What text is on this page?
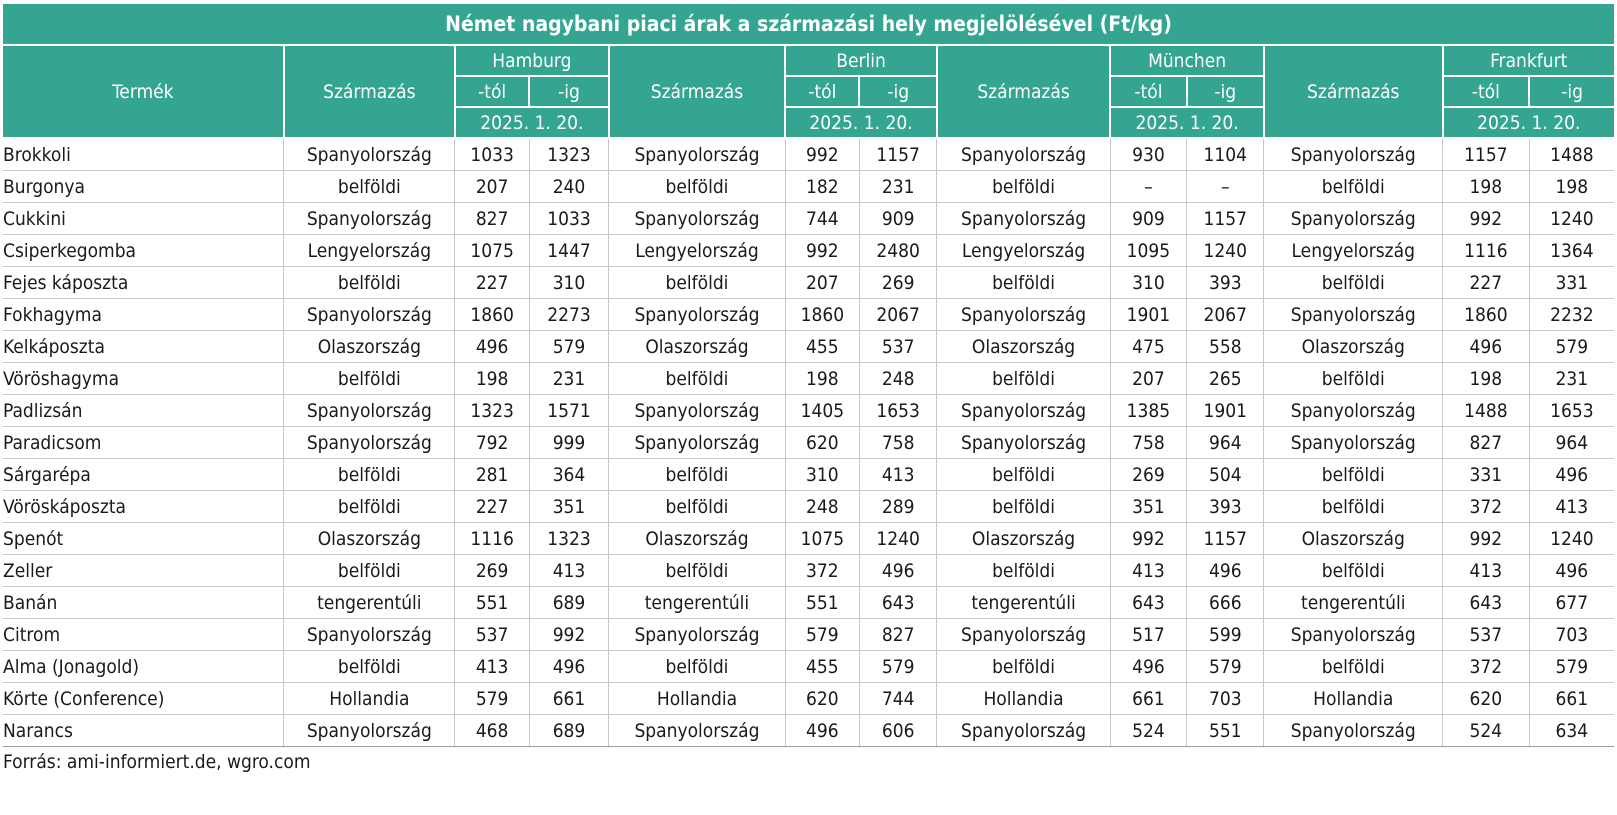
Német nagybani piaci árak a származási hely megjelölésével (Ft/kg)												
Termék	Származás	Hamburg		Származás	Berlin		Származás	München		Származás	Frankfurt	
		-tól	-ig		-tól	-ig		-tól	-ig		-tól	-ig
		2025. 1. 20.			2025. 1. 20.			2025. 1. 20.			2025. 1. 20.	
Brokkoli	Spanyolország	1033	1323	Spanyolország	992	1157	Spanyolország	930	1104	Spanyolország	1157	1488
Burgonya	belföldi	207	240	belföldi	182	231	belföldi	–	–	belföldi	198	198
Cukkini	Spanyolország	827	1033	Spanyolország	744	909	Spanyolország	909	1157	Spanyolország	992	1240
Csiperkegomba	Lengyelország	1075	1447	Lengyelország	992	2480	Lengyelország	1095	1240	Lengyelország	1116	1364
Fejes káposzta	belföldi	227	310	belföldi	207	269	belföldi	310	393	belföldi	227	331
Fokhagyma	Spanyolország	1860	2273	Spanyolország	1860	2067	Spanyolország	1901	2067	Spanyolország	1860	2232
Kelkáposzta	Olaszország	496	579	Olaszország	455	537	Olaszország	475	558	Olaszország	496	579
Vöröshagyma	belföldi	198	231	belföldi	198	248	belföldi	207	265	belföldi	198	231
Padlizsán	Spanyolország	1323	1571	Spanyolország	1405	1653	Spanyolország	1385	1901	Spanyolország	1488	1653
Paradicsom	Spanyolország	792	999	Spanyolország	620	758	Spanyolország	758	964	Spanyolország	827	964
Sárgarépa	belföldi	281	364	belföldi	310	413	belföldi	269	504	belföldi	331	496
Vöröskáposzta	belföldi	227	351	belföldi	248	289	belföldi	351	393	belföldi	372	413
Spenót	Olaszország	1116	1323	Olaszország	1075	1240	Olaszország	992	1157	Olaszország	992	1240
Zeller	belföldi	269	413	belföldi	372	496	belföldi	413	496	belföldi	413	496
Banán	tengerentúli	551	689	tengerentúli	551	643	tengerentúli	643	666	tengerentúli	643	677
Citrom	Spanyolország	537	992	Spanyolország	579	827	Spanyolország	517	599	Spanyolország	537	703
Alma (Jonagold)	belföldi	413	496	belföldi	455	579	belföldi	496	579	belföldi	372	579
Körte (Conference)	Hollandia	579	661	Hollandia	620	744	Hollandia	661	703	Hollandia	620	661
Narancs	Spanyolország	468	689	Spanyolország	496	606	Spanyolország	524	551	Spanyolország	524	634
Forrás: ami-informiert.de, wgro.com
